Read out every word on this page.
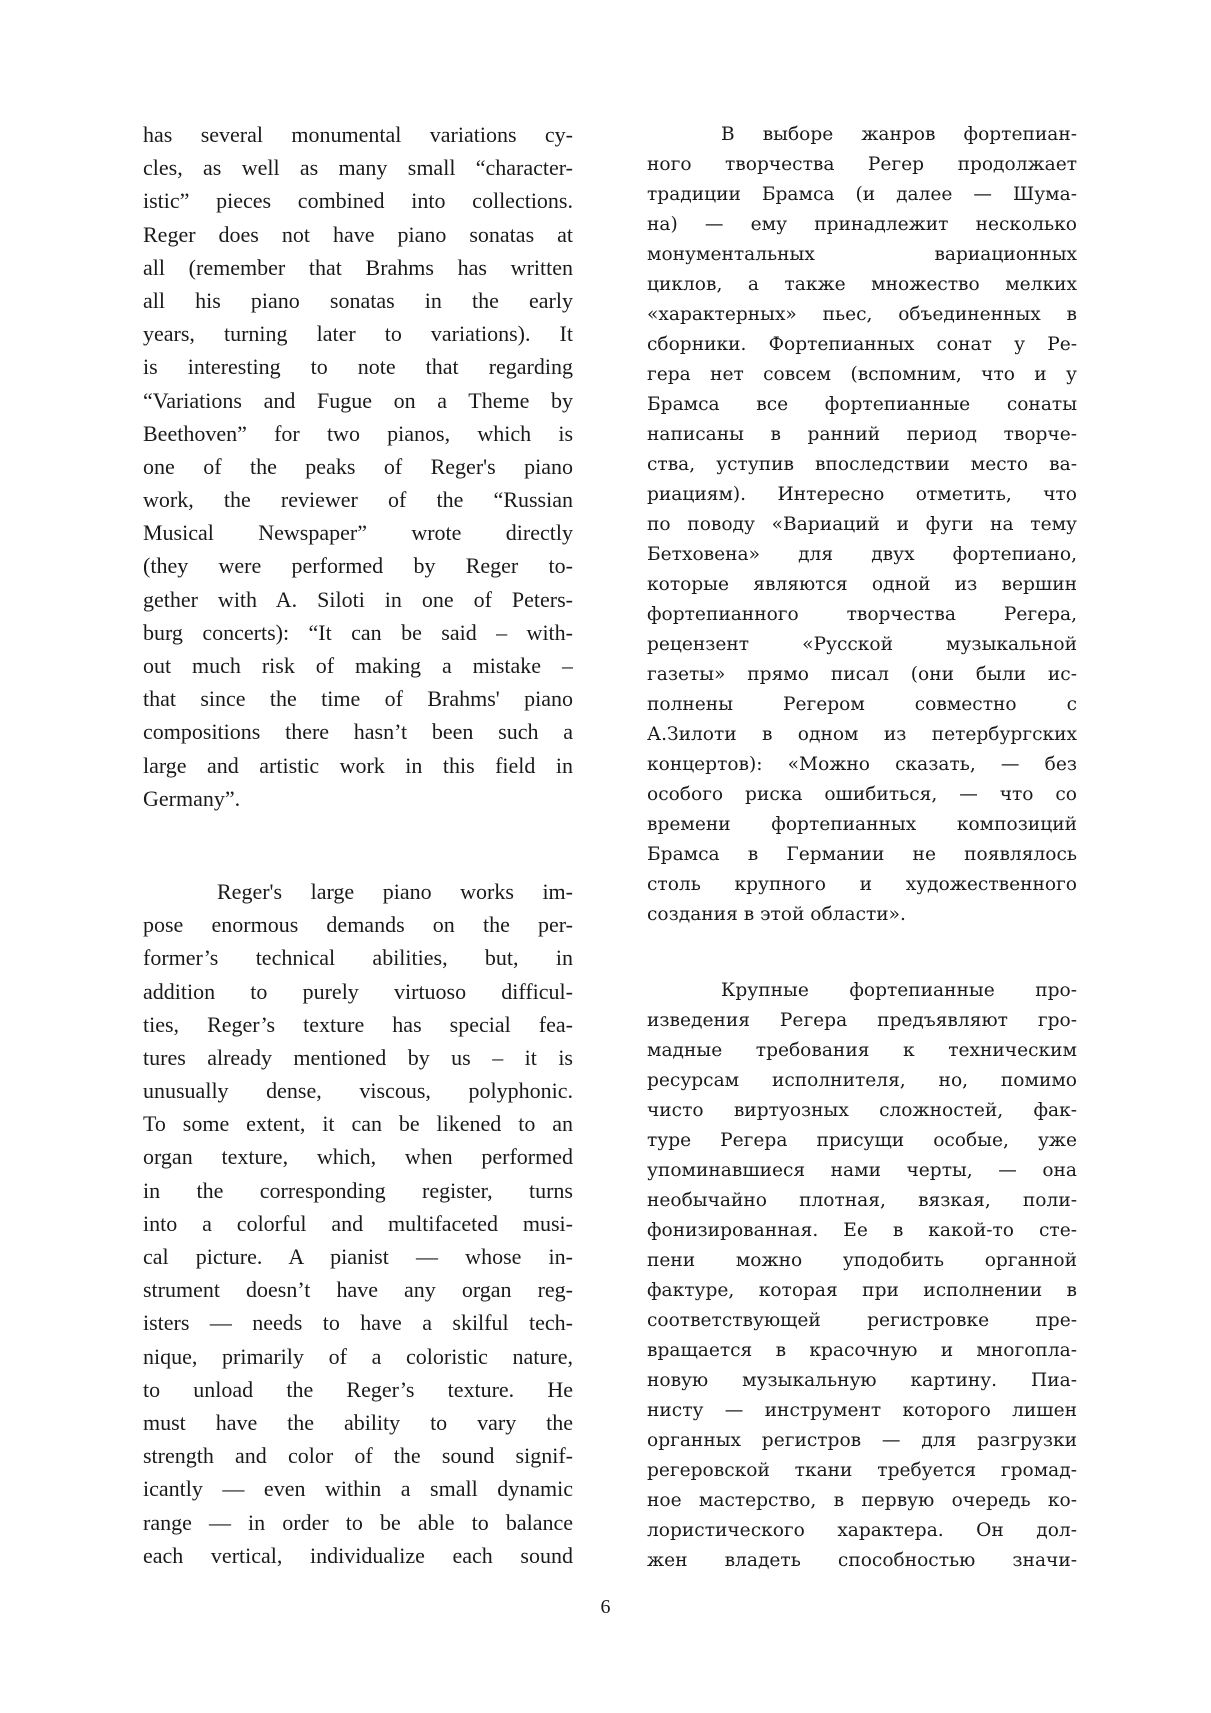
has several monumental variations cy-
cles, as well as many small “character-
istic” pieces combined into collections.
Reger does not have piano sonatas at
all (remember that Brahms has written
all his piano sonatas in the early
years, turning later to variations). It
is interesting to note that regarding
“Variations and Fugue on a Theme by
Beethoven” for two pianos, which is
one of the peaks of Reger's piano
work, the reviewer of the “Russian
Musical Newspaper” wrote directly
(they were performed by Reger to-
gether with A. Siloti in one of Peters-
burg concerts): “It can be said – with-
out much risk of making a mistake –
that since the time of Brahms' piano
compositions there hasn’t been such a
large and artistic work in this field in
Germany”.
Reger's large piano works im-
pose enormous demands on the per-
former’s technical abilities, but, in
addition to purely virtuoso difficul-
ties, Reger’s texture has special fea-
tures already mentioned by us – it is
unusually dense, viscous, polyphonic.
To some extent, it can be likened to an
organ texture, which, when performed
in the corresponding register, turns
into a colorful and multifaceted musi-
cal picture. A pianist — whose in-
strument doesn’t have any organ reg-
isters — needs to have a skilful tech-
nique, primarily of a coloristic nature,
to unload the Reger’s texture. He
must have the ability to vary the
strength and color of the sound signif-
icantly — even within a small dynamic
range — in order to be able to balance
each vertical, individualize each sound
В выборе жанров фортепиан-
ного творчества Регер продолжает
традиции Брамса (и далее — Шума-
на) — ему принадлежит несколько
монументальных вариационных
циклов, а также множество мелких
«характерных» пьес, объединенных в
сборники. Фортепианных сонат у Ре-
гера нет совсем (вспомним, что и у
Брамса все фортепианные сонаты
написаны в ранний период творче-
ства, уступив впоследствии место ва-
риациям). Интересно отметить, что
по поводу «Вариаций и фуги на тему
Бетховена» для двух фортепиано,
которые являются одной из вершин
фортепианного творчества Регера,
рецензент «Русской музыкальной
газеты» прямо писал (они были ис-
полнены Регером совместно с
А.Зилоти в одном из петербургских
концертов): «Можно сказать, — без
особого риска ошибиться, — что со
времени фортепианных композиций
Брамса в Германии не появлялось
столь крупного и художественного
создания в этой области».
Крупные фортепианные про-
изведения Регера предъявляют гро-
мадные требования к техническим
ресурсам исполнителя, но, помимо
чисто виртуозных сложностей, фак-
туре Регера присущи особые, уже
упоминавшиеся нами черты, — она
необычайно плотная, вязкая, поли-
фонизированная. Ее в какой-то сте-
пени можно уподобить органной
фактуре, которая при исполнении в
соответствующей регистровке пре-
вращается в красочную и многопла-
новую музыкальную картину. Пиа-
нисту — инструмент которого лишен
органных регистров — для разгрузки
регеровской ткани требуется громад-
ное мастерство, в первую очередь ко-
лористического характера. Он дол-
жен владеть способностью значи-
6
